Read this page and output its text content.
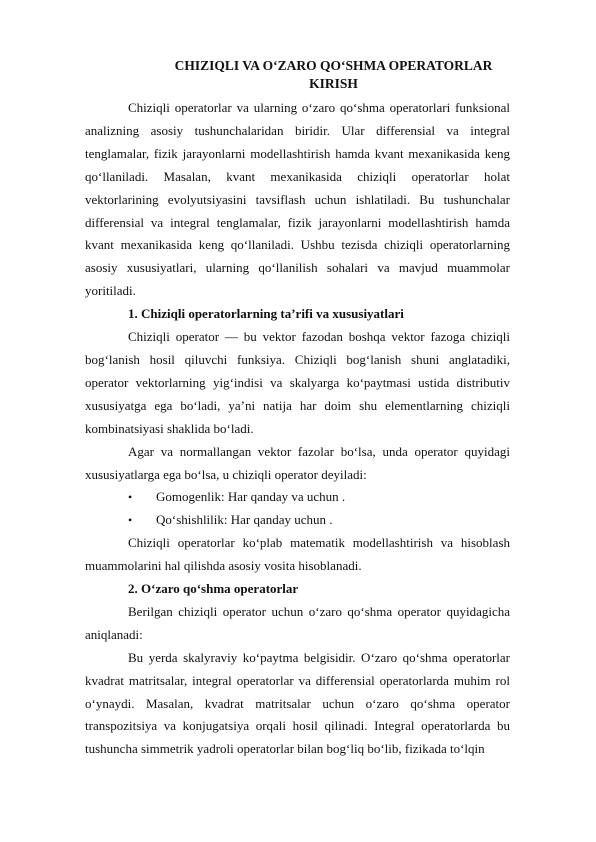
CHIZIQLI VA O‘ZARO QO‘SHMA OPERATORLAR

KIRISH

Chiziqli operatorlar va ularning o‘zaro qo‘shma operatorlari funksional analizning asosiy tushunchalaridan biridir. Ular differensial va integral tenglamalar, fizik jarayonlarni modellashtirish hamda kvant mexanikasida keng qo‘llaniladi. Masalan, kvant mexanikasida chiziqli operatorlar holat vektorlarining evolyutsiyasini tavsiflash uchun ishlatiladi. Bu tushunchalar differensial va integral tenglamalar, fizik jarayonlarni modellashtirish hamda kvant mexanikasida keng qo‘llaniladi. Ushbu tezisda chiziqli operatorlarning asosiy xususiyatlari, ularning qo‘llanilish sohalari va mavjud muammolar yoritiladi.

1. Chiziqli operatorlarning ta’rifi va xususiyatlari

Chiziqli operator — bu vektor fazodan boshqa vektor fazoga chiziqli bog‘lanish hosil qiluvchi funksiya. Chiziqli bog‘lanish shuni anglatadiki, operator vektorlarning yig‘indisi va skalyarga ko‘paytmasi ustida distributiv xususiyatga ega bo‘ladi, ya’ni natija har doim shu elementlarning chiziqli kombinatsiyasi shaklida bo‘ladi.

Agar va normallangan vektor fazolar bo‘lsa, unda operator quyidagi xususiyatlarga ega bo‘lsa, u chiziqli operator deyiladi:

• Gomogenlik: Har qanday va uchun .
• Qo‘shishlilik: Har qanday uchun .

Chiziqli operatorlar ko‘plab matematik modellashtirish va hisoblash muammolarini hal qilishda asosiy vosita hisoblanadi.

2. O‘zaro qo‘shma operatorlar

Berilgan chiziqli operator uchun o‘zaro qo‘shma operator quyidagicha aniqlanadi:

Bu yerda skalyraviy ko‘paytma belgisidir. O‘zaro qo‘shma operatorlar kvadrat matritsalar, integral operatorlar va differensial operatorlarda muhim rol o‘ynaydi. Masalan, kvadrat matritsalar uchun o‘zaro qo‘shma operator transpozitsiya va konjugatsiya orqali hosil qilinadi. Integral operatorlarda bu tushuncha simmetrik yadroli operatorlar bilan bog‘liq bo‘lib, fizikada to‘lqin
